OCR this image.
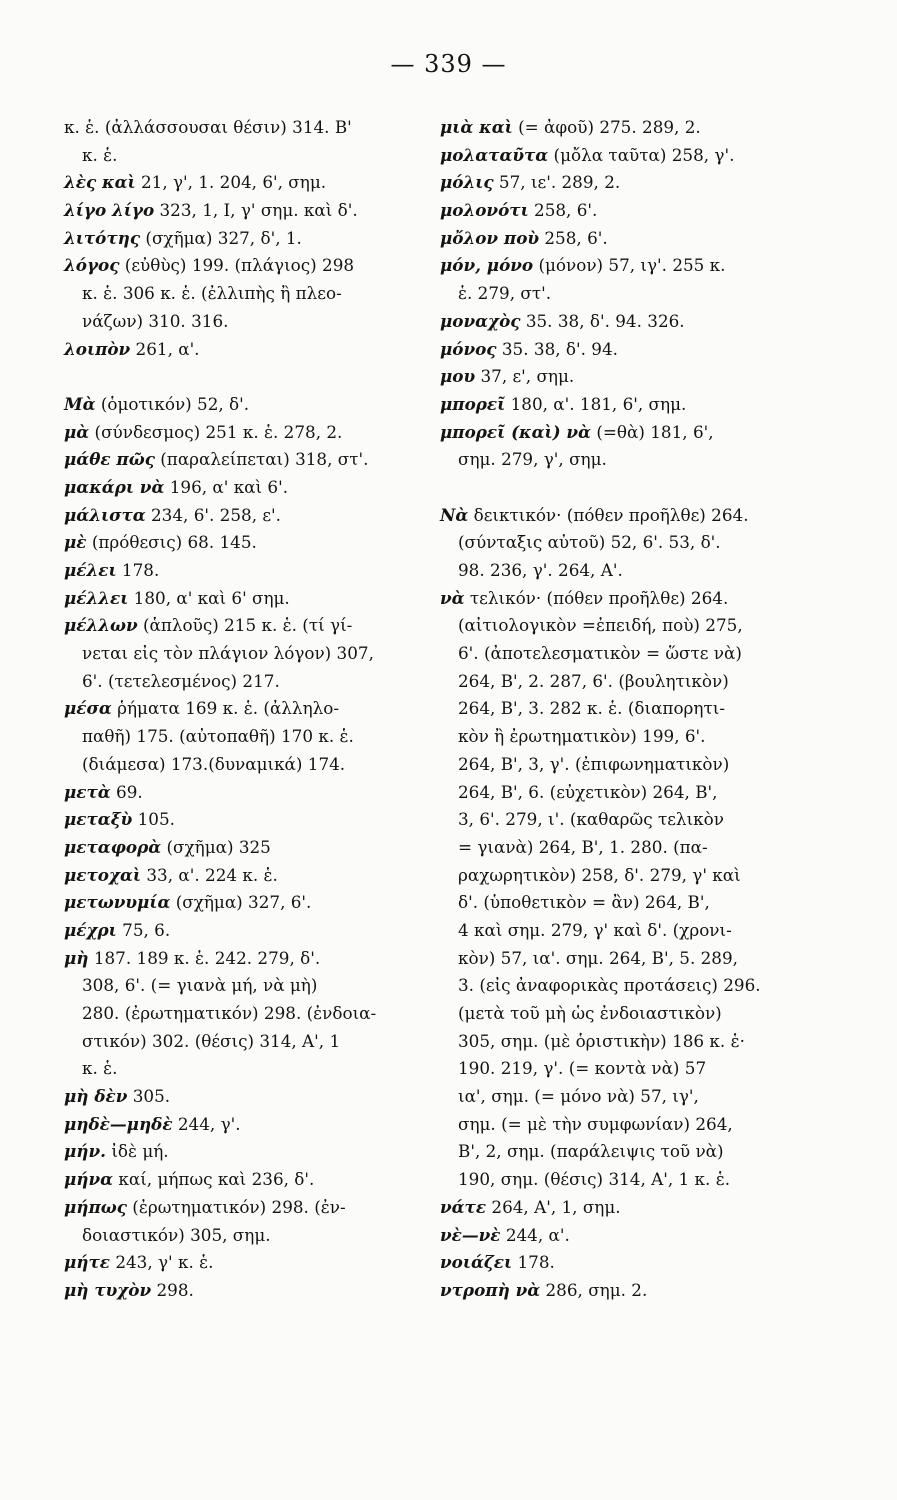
— 339 —
κ. ἑ. (ἀλλάσσουσαι θέσιν) 314. Β'
κ. ἑ.
λὲς καὶ 21, γ', 1. 204, 6', σημ.
λίγο λίγο 323, 1, Ι, γ' σημ. καὶ δ'.
λιτότης (σχῆμα) 327, δ', 1.
λόγος (εὐθὺς) 199. (πλάγιος) 298
κ. ἑ. 306 κ. ἑ. (ἐλλιπὴς ἢ πλεο-
νάζων) 310. 316.
λοιπὸν 261, α'.
Μὰ (ὁμοτικόν) 52, δ'.
μὰ (σύνδεσμος) 251 κ. ἑ. 278, 2.
μάθε πῶς (παραλείπεται) 318, στ'.
μακάρι νὰ 196, α' καὶ 6'.
μάλιστα 234, 6'. 258, ε'.
μὲ (πρόθεσις) 68. 145.
μέλει 178.
μέλλει 180, α' καὶ 6' σημ.
μέλλων (ἁπλοῦς) 215 κ. ἑ. (τί γί-
νεται εἰς τὸν πλάγιον λόγον) 307,
6'. (τετελεσμένος) 217.
μέσα ῥήματα 169 κ. ἑ. (ἀλληλο-
παθῆ) 175. (αὐτοπαθῆ) 170 κ. ἑ.
(διάμεσα) 173.(δυναμικά) 174.
μετὰ 69.
μεταξὺ 105.
μεταφορὰ (σχῆμα) 325
μετοχαὶ 33, α'. 224 κ. ἑ.
μετωνυμία (σχῆμα) 327, 6'.
μέχρι 75, 6.
μὴ 187. 189 κ. ἑ. 242. 279, δ'.
308, 6'. (= γιανὰ μή, νὰ μὴ)
280. (ἐρωτηματικόν) 298. (ἐνδοια-
στικόν) 302. (θέσις) 314, Α', 1
κ. ἑ.
μὴ δὲν 305.
μηδὲ—μηδὲ 244, γ'.
μήν. ἰδὲ μή.
μήνα καί, μήπως καὶ 236, δ'.
μήπως (ἐρωτηματικόν) 298. (ἐν-
δοιαστικόν) 305, σημ.
μήτε 243, γ' κ. ἑ.
μὴ τυχὸν 298.
μιὰ καὶ (= ἀφοῦ) 275. 289, 2.
μολαταῦτα (μὄλα ταῦτα) 258, γ'.
μόλις 57, ιε'. 289, 2.
μολονότι 258, 6'.
μὄλον ποὺ 258, 6'.
μόν, μόνο (μόνον) 57, ιγ'. 255 κ.
ἑ. 279, στ'.
μοναχὸς 35. 38, δ'. 94. 326.
μόνος 35. 38, δ'. 94.
μου 37, ε', σημ.
μπορεῖ 180, α'. 181, 6', σημ.
μπορεῖ (καὶ) νὰ (=θὰ) 181, 6',
σημ. 279, γ', σημ.
Νὰ δεικτικόν· (πόθεν προῆλθε) 264.
(σύνταξις αὐτοῦ) 52, 6'. 53, δ'.
98. 236, γ'. 264, Α'.
νὰ τελικόν· (πόθεν προῆλθε) 264.
(αἰτιολογικὸν =ἐπειδή, ποὺ) 275,
6'. (ἀποτελεσματικὸν = ὥστε νὰ)
264, Β', 2. 287, 6'. (βουλητικὸν)
264, Β', 3. 282 κ. ἑ. (διαπορητι-
κὸν ἢ ἐρωτηματικὸν) 199, 6'.
264, Β', 3, γ'. (ἐπιφωνηματικὸν)
264, Β', 6. (εὐχετικὸν) 264, Β',
3, 6'. 279, ι'. (καθαρῶς τελικὸν
= γιανὰ) 264, Β', 1. 280. (πα-
ραχωρητικὸν) 258, δ'. 279, γ' καὶ
δ'. (ὑποθετικὸν = ἂν) 264, Β',
4 καὶ σημ. 279, γ' καὶ δ'. (χρονι-
κὸν) 57, ια'. σημ. 264, Β', 5. 289,
3. (εἰς ἀναφορικὰς προτάσεις) 296.
(μετὰ τοῦ μὴ ὡς ἐνδοιαστικὸν)
305, σημ. (μὲ ὁριστικὴν) 186 κ. ἑ·
190. 219, γ'. (= κοντὰ νὰ) 57
ια', σημ. (= μόνο νὰ) 57, ιγ',
σημ. (= μὲ τὴν συμφωνίαν) 264,
Β', 2, σημ. (παράλειψις τοῦ νὰ)
190, σημ. (θέσις) 314, Α', 1 κ. ἑ.
νάτε 264, Α', 1, σημ.
νὲ—νὲ 244, α'.
νοιάζει 178.
ντροπὴ νὰ 286, σημ. 2.
